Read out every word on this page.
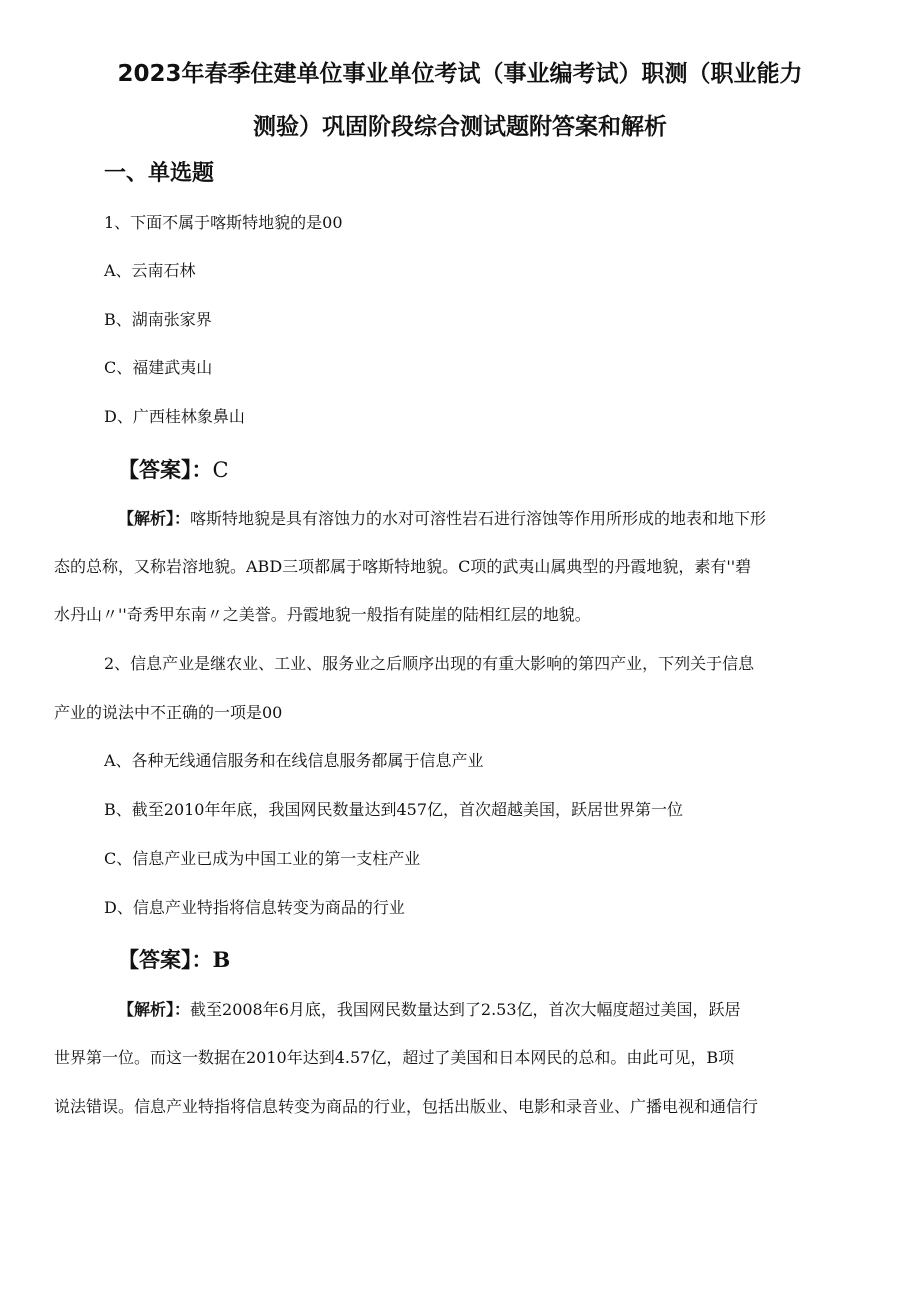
2023年春季住建单位事业单位考试（事业编考试）职测（职业能力
测验）巩固阶段综合测试题附答案和解析
一、单选题
1、下面不属于喀斯特地貌的是00
A、云南石林
B、湖南张家界
C、福建武夷山
D、广西桂林象鼻山
【答案】：C
【解析】：喀斯特地貌是具有溶蚀力的水对可溶性岩石进行溶蚀等作用所形成的地表和地下形
态的总称，又称岩溶地貌。ABD三项都属于喀斯特地貌。C项的武夷山属典型的丹霞地貌，素有''碧
水丹山〃''奇秀甲东南〃之美誉。丹霞地貌一般指有陡崖的陆相红层的地貌。
2、信息产业是继农业、工业、服务业之后顺序出现的有重大影响的第四产业，下列关于信息
产业的说法中不正确的一项是00
A、各种无线通信服务和在线信息服务都属于信息产业
B、截至2010年年底，我国网民数量达到457亿，首次超越美国，跃居世界第一位
C、信息产业已成为中国工业的第一支柱产业
D、信息产业特指将信息转变为商品的行业
【答案】：B
【解析】：截至2008年6月底，我国网民数量达到了2.53亿，首次大幅度超过美国，跃居
世界第一位。而这一数据在2010年达到4.57亿，超过了美国和日本网民的总和。由此可见，B项
说法错误。信息产业特指将信息转变为商品的行业，包括出版业、电影和录音业、广播电视和通信行
